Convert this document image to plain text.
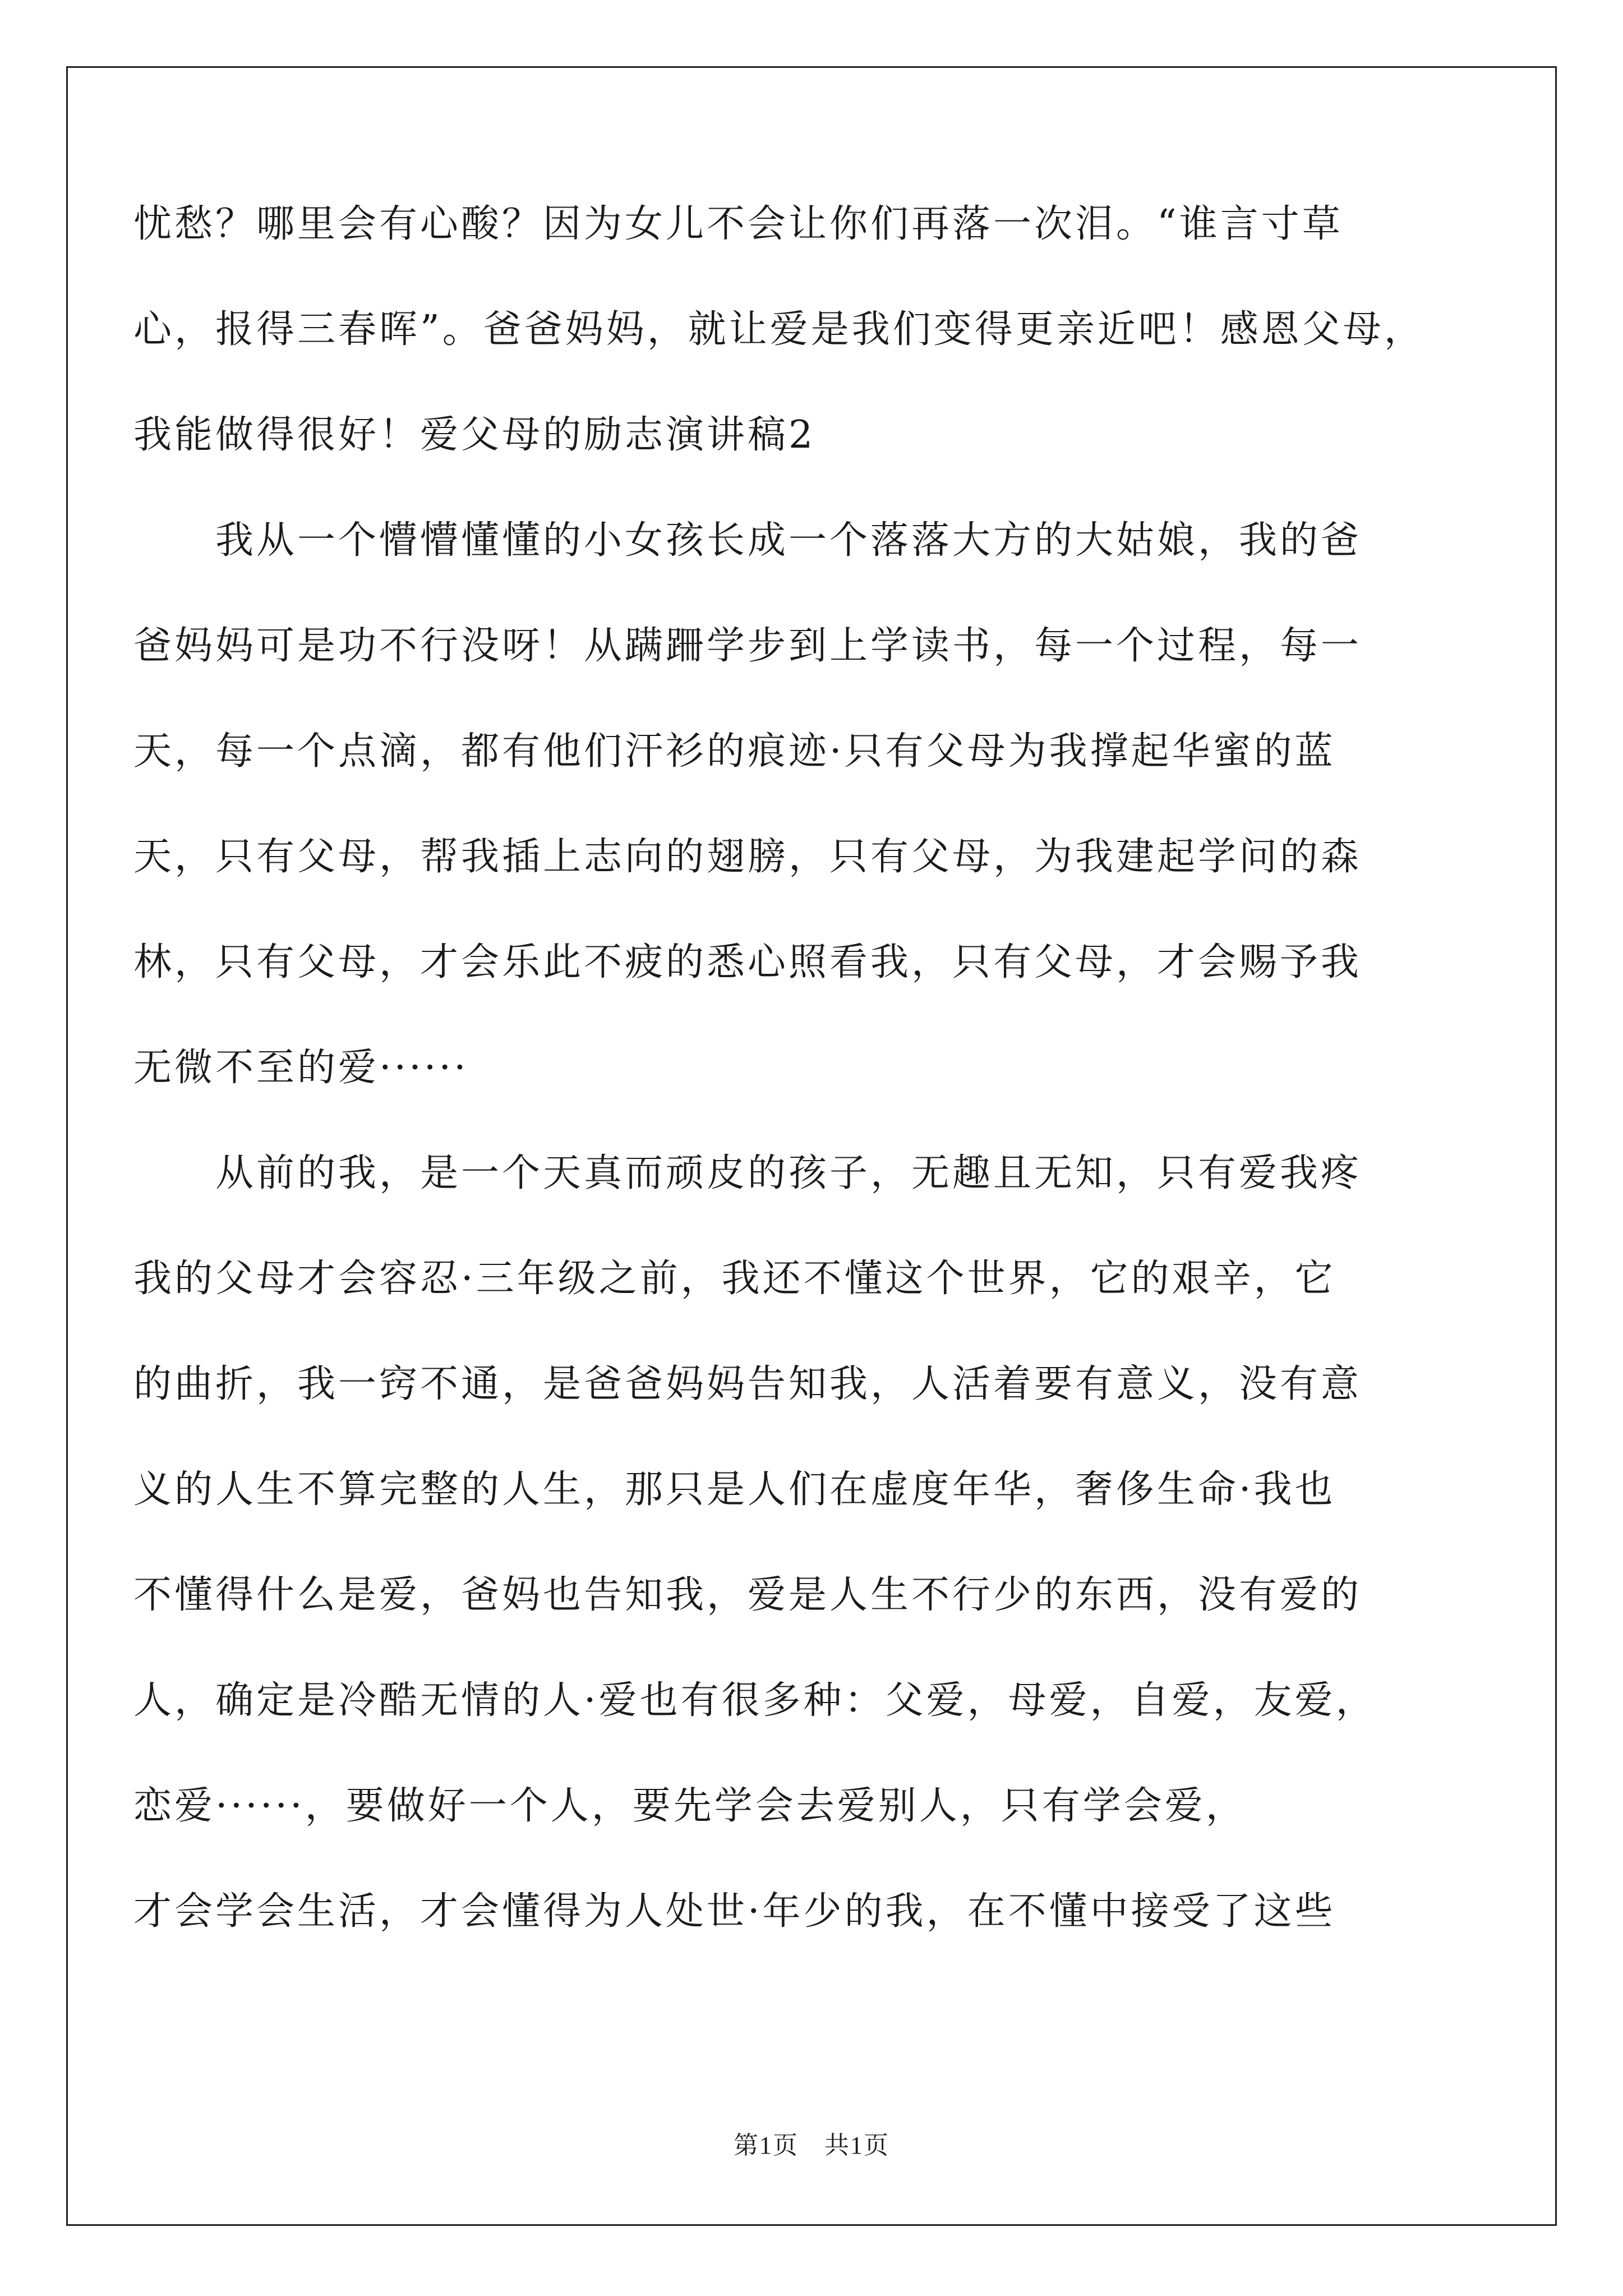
忧愁？哪里会有心酸？因为女儿不会让你们再落一次泪。“谁言寸草
心，报得三春晖”。爸爸妈妈，就让爱是我们变得更亲近吧！感恩父母，
我能做得很好！爱父母的励志演讲稿2
　　我从一个懵懵懂懂的小女孩长成一个落落大方的大姑娘，我的爸
爸妈妈可是功不行没呀！从蹒跚学步到上学读书，每一个过程，每一
天，每一个点滴，都有他们汗衫的痕迹·只有父母为我撑起华蜜的蓝
天，只有父母，帮我插上志向的翅膀，只有父母，为我建起学问的森
林，只有父母，才会乐此不疲的悉心照看我，只有父母，才会赐予我
无微不至的爱······
　　从前的我，是一个天真而顽皮的孩子，无趣且无知，只有爱我疼
我的父母才会容忍·三年级之前，我还不懂这个世界，它的艰辛，它
的曲折，我一窍不通，是爸爸妈妈告知我，人活着要有意义，没有意
义的人生不算完整的人生，那只是人们在虚度年华，奢侈生命·我也
不懂得什么是爱，爸妈也告知我，爱是人生不行少的东西，没有爱的
人，确定是冷酷无情的人·爱也有很多种：父爱，母爱，自爱，友爱，
恋爱······，要做好一个人，要先学会去爱别人，只有学会爱，
才会学会生活，才会懂得为人处世·年少的我，在不懂中接受了这些
第1页　共1页
